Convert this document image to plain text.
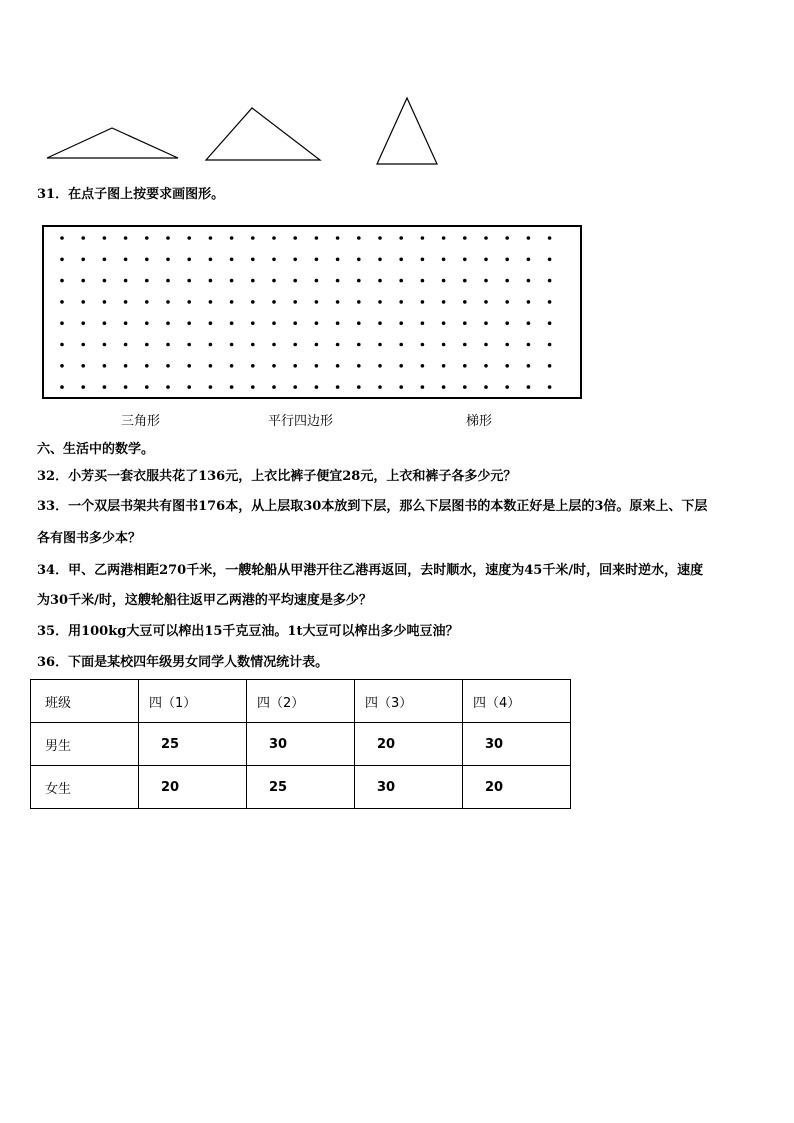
31．在点子图上按要求画图形。
三角形	平行四边形	梯形
六、生活中的数学。
32．小芳买一套衣服共花了136元，上衣比裤子便宜28元，上衣和裤子各多少元？
33．一个双层书架共有图书176本，从上层取30本放到下层，那么下层图书的本数正好是上层的3倍。原来上、下层
各有图书多少本？
34．甲、乙两港相距270千米，一艘轮船从甲港开往乙港再返回，去时顺水，速度为45千米/时，回来时逆水，速度
为30千米/时，这艘轮船往返甲乙两港的平均速度是多少？
35．用100kg大豆可以榨出15千克豆油。1t大豆可以榨出多少吨豆油？
36．下面是某校四年级男女同学人数情况统计表。
班级	四（1）	四（2）	四（3）	四（4）
男生	25	30	20	30
女生	20	25	30	20
